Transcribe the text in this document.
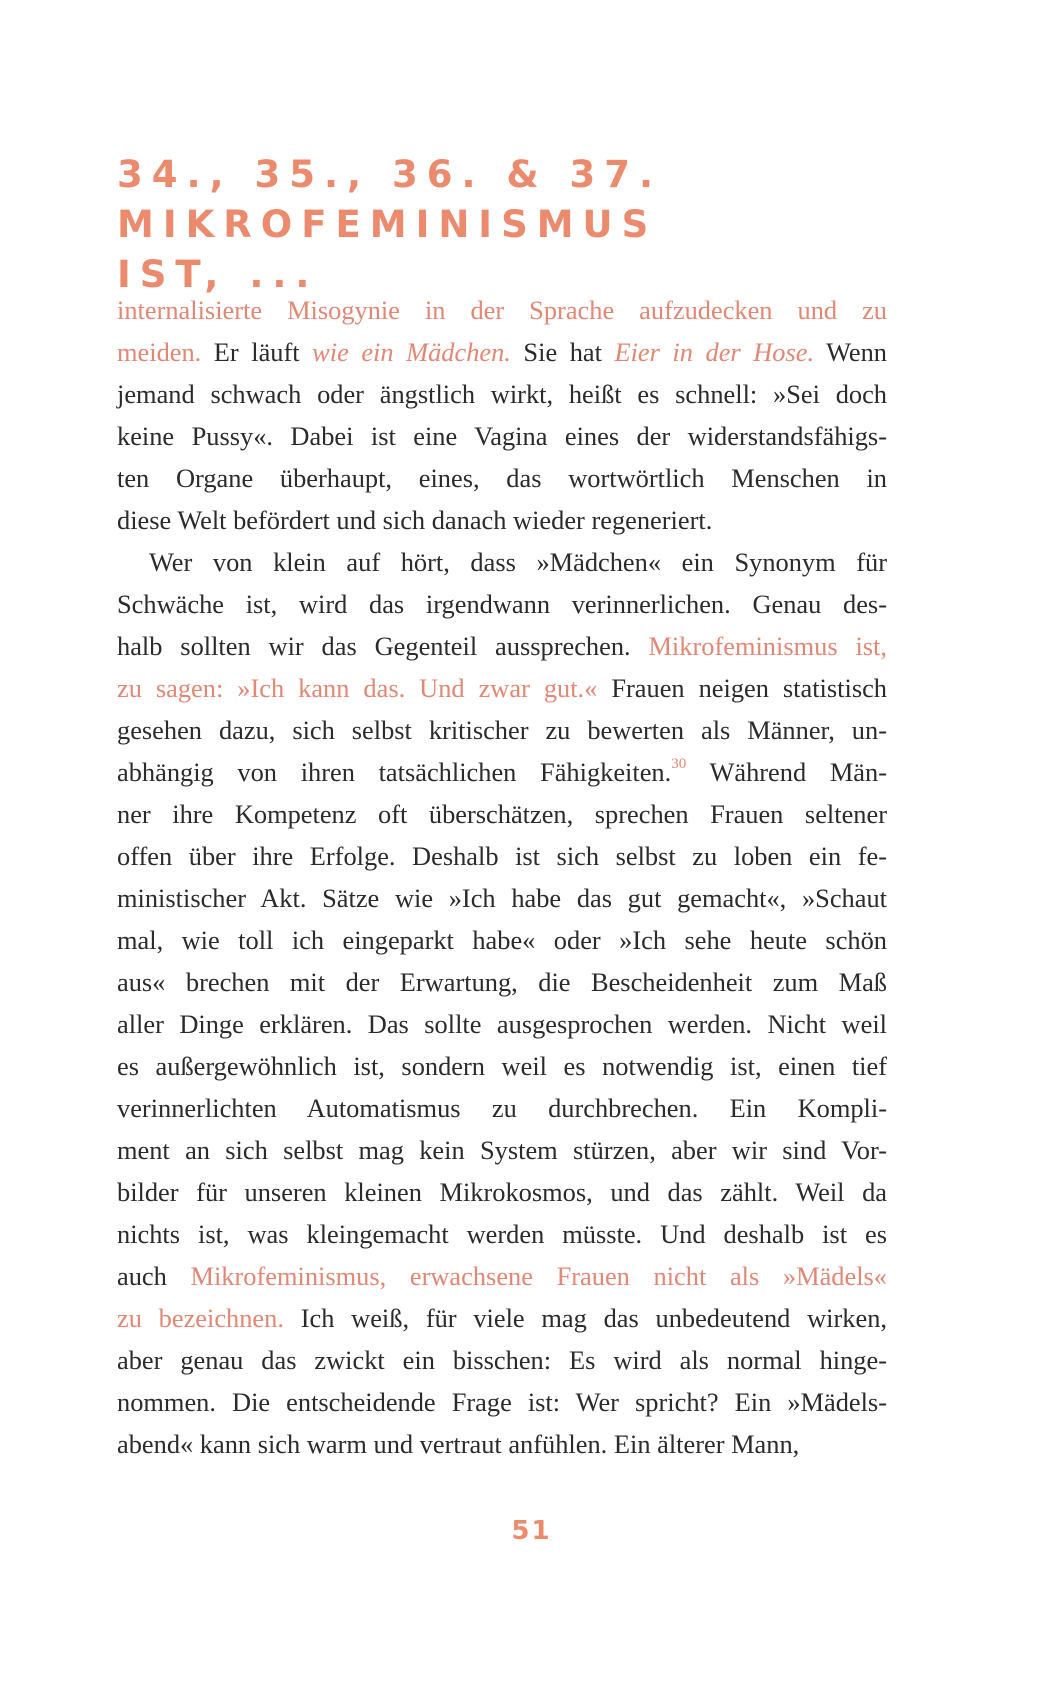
34., 35., 36. & 37. MIKROFEMINISMUS
IST, ...
internalisierte Misogynie in der Sprache aufzudecken und zu
meiden. Er läuft wie ein Mädchen. Sie hat Eier in der Hose. Wenn
jemand schwach oder ängstlich wirkt, heißt es schnell: »Sei doch
keine Pussy«. Dabei ist eine Vagina eines der widerstandsfähigs-
ten Organe überhaupt, eines, das wortwörtlich Menschen in
diese Welt befördert und sich danach wieder regeneriert.
Wer von klein auf hört, dass »Mädchen« ein Synonym für
Schwäche ist, wird das irgendwann verinnerlichen. Genau des-
halb sollten wir das Gegenteil aussprechen. Mikrofeminismus ist,
zu sagen: »Ich kann das. Und zwar gut.« Frauen neigen statistisch
gesehen dazu, sich selbst kritischer zu bewerten als Männer, un-
abhängig von ihren tatsächlichen Fähigkeiten.$^{30}$ Während Män-
ner ihre Kompetenz oft überschätzen, sprechen Frauen seltener
offen über ihre Erfolge. Deshalb ist sich selbst zu loben ein fe-
ministischer Akt. Sätze wie »Ich habe das gut gemacht«, »Schaut
mal, wie toll ich eingeparkt habe« oder »Ich sehe heute schön
aus« brechen mit der Erwartung, die Bescheidenheit zum Maß
aller Dinge erklären. Das sollte ausgesprochen werden. Nicht weil
es außergewöhnlich ist, sondern weil es notwendig ist, einen tief
verinnerlichten Automatismus zu durchbrechen. Ein Kompli-
ment an sich selbst mag kein System stürzen, aber wir sind Vor-
bilder für unseren kleinen Mikrokosmos, und das zählt. Weil da
nichts ist, was kleingemacht werden müsste. Und deshalb ist es
auch Mikrofeminismus, erwachsene Frauen nicht als »Mädels«
zu bezeichnen. Ich weiß, für viele mag das unbedeutend wirken,
aber genau das zwickt ein bisschen: Es wird als normal hinge-
nommen. Die entscheidende Frage ist: Wer spricht? Ein »Mädels-
abend« kann sich warm und vertraut anfühlen. Ein älterer Mann,
51
